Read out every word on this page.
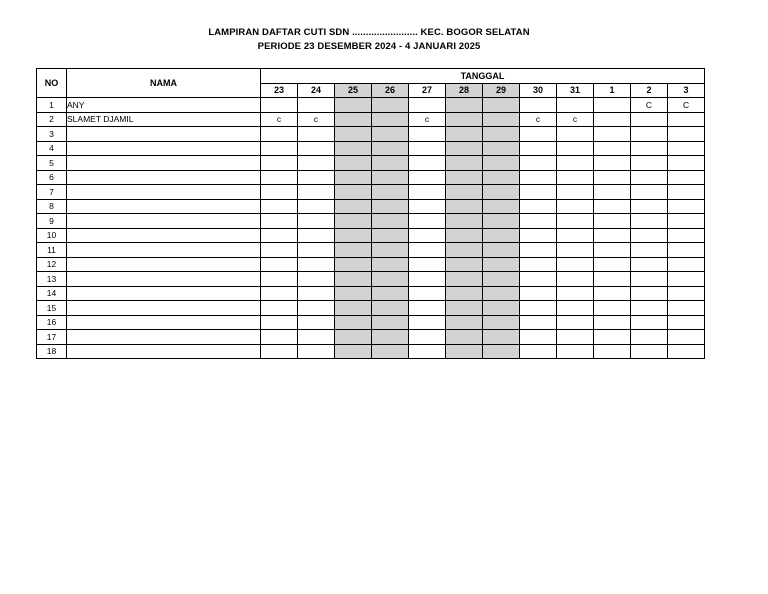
LAMPIRAN DAFTAR CUTI SDN ........................ KEC. BOGOR SELATAN
PERIODE 23 DESEMBER 2024 - 4 JANUARI 2025
NO	NAMA	TANGGAL											
		23	24	25	26	27	28	29	30	31	1	2	3
1	ANY											C	C
2	SLAMET DJAMIL	c	c			c			c	c			
3													
4													
5													
6													
7													
8													
9													
10													
11													
12													
13													
14													
15													
16													
17													
18													
